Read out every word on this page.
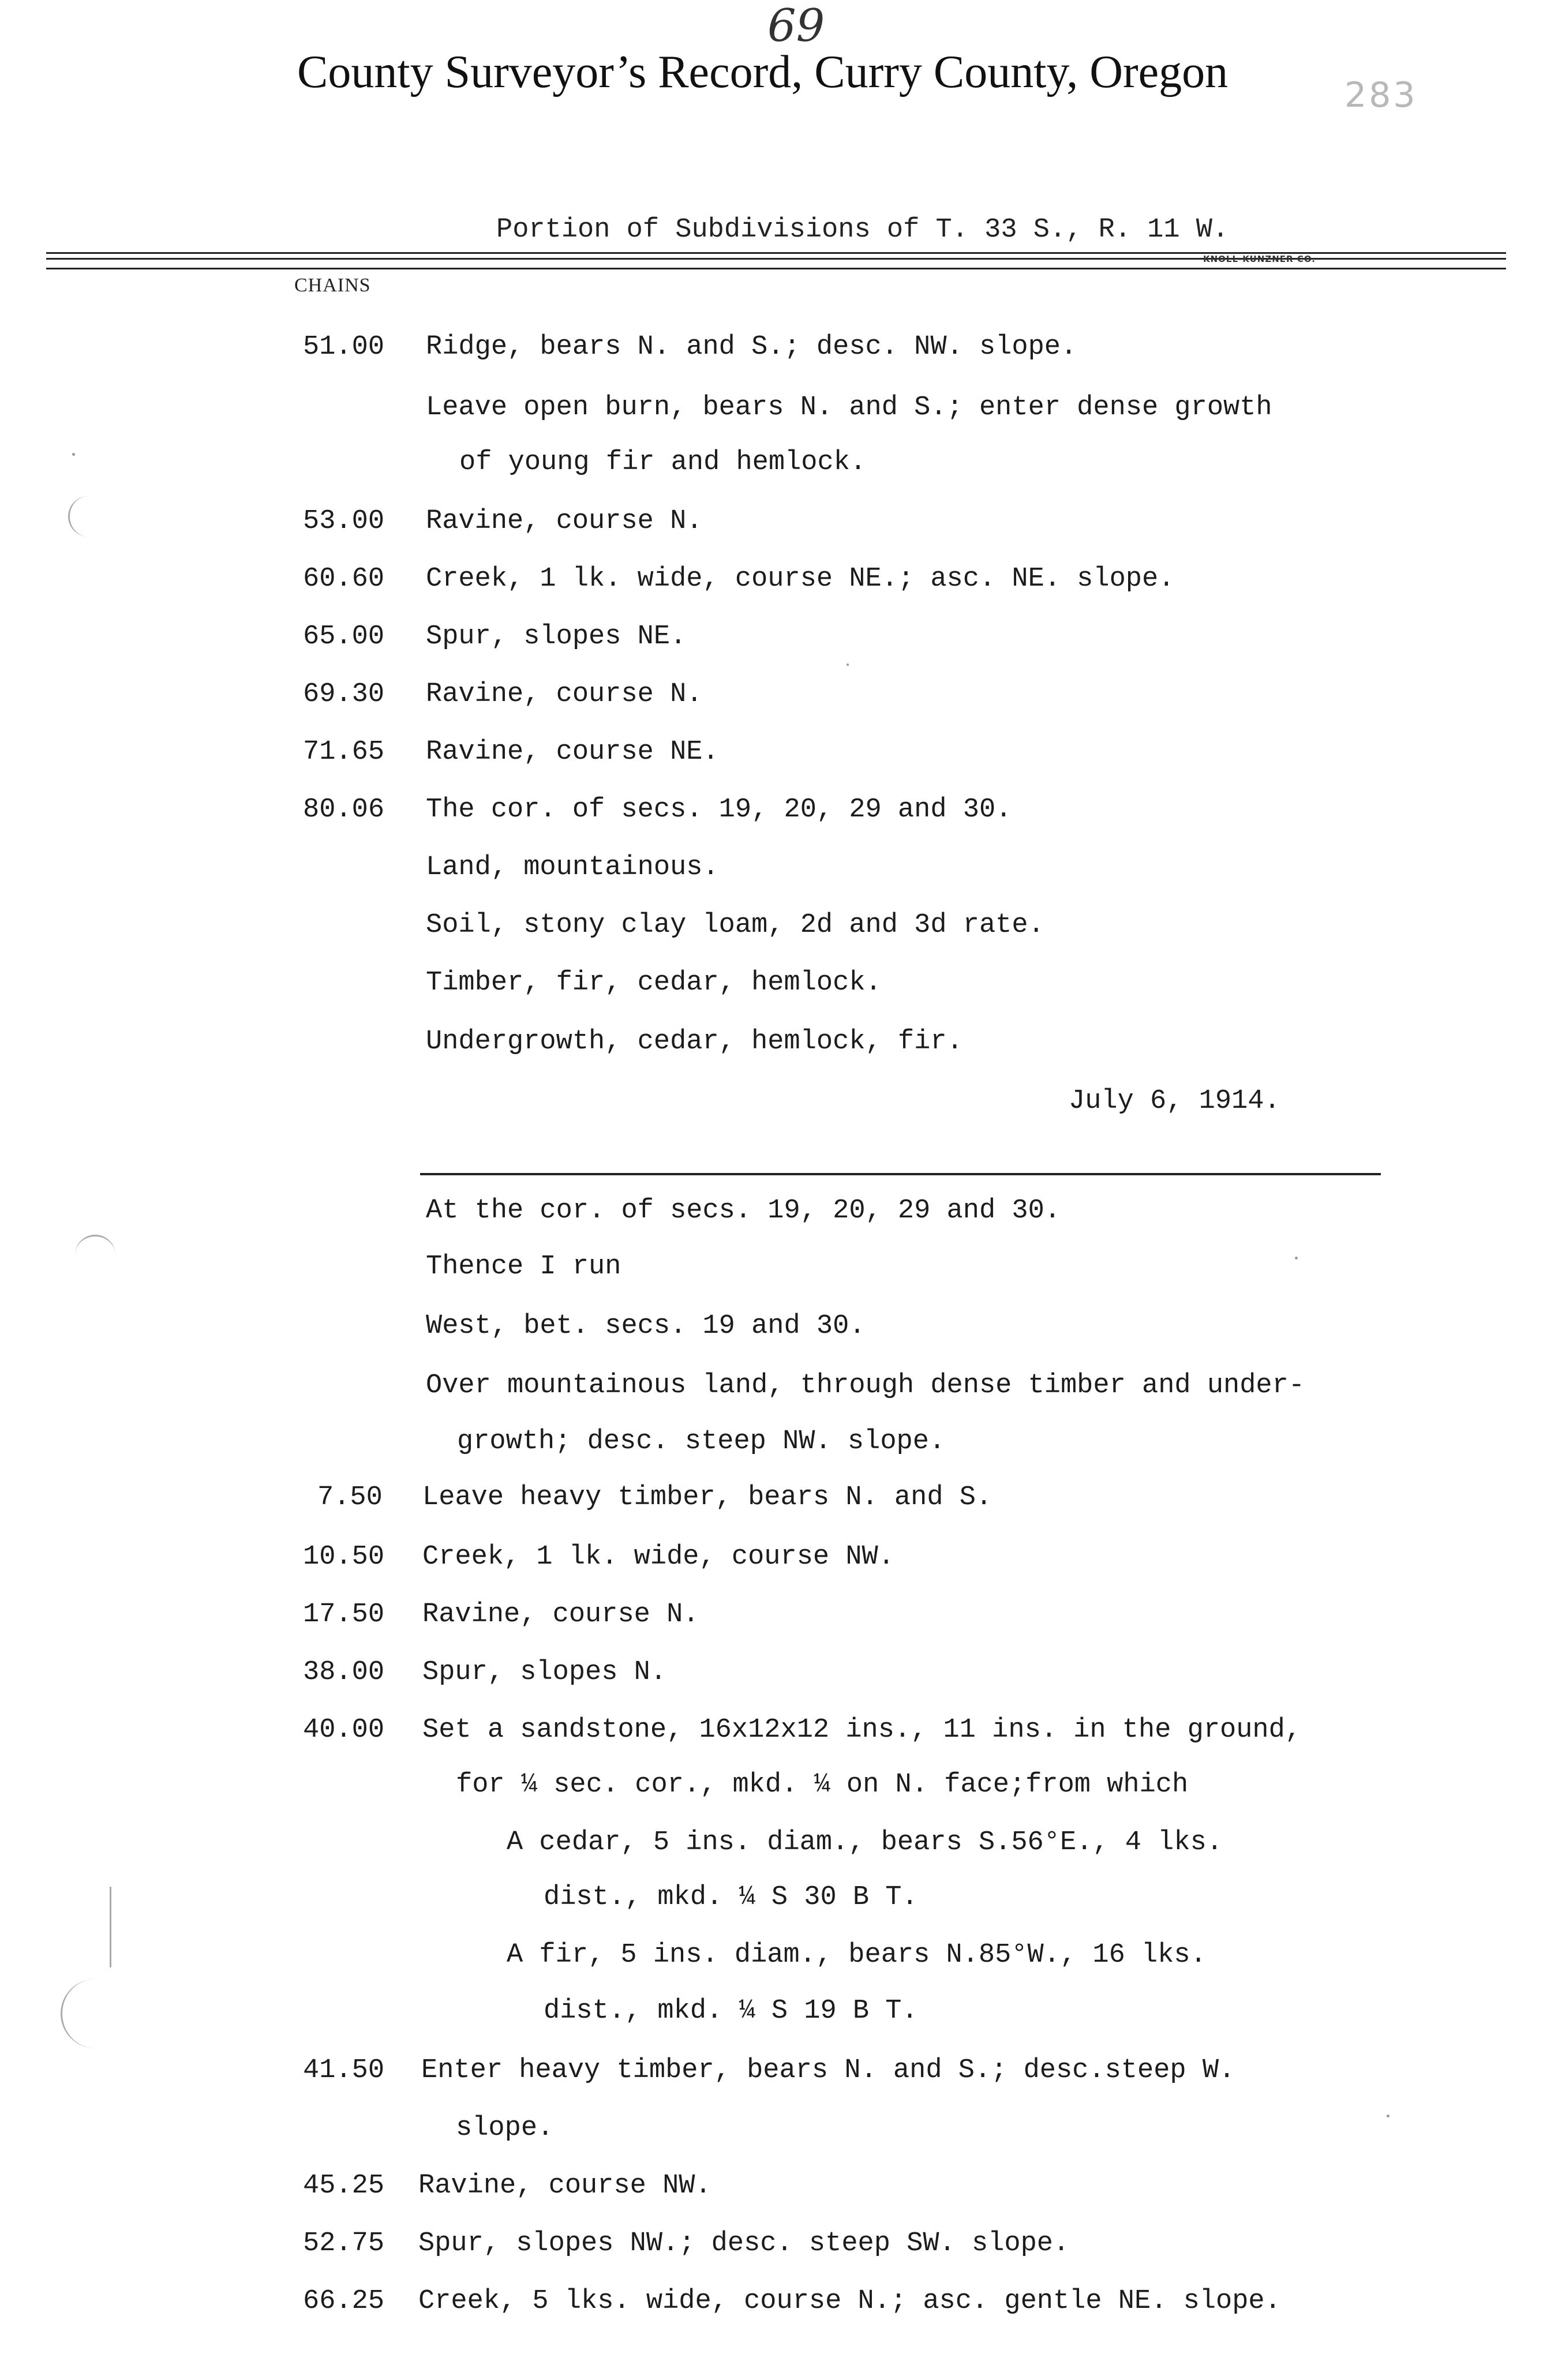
69
283
County Surveyor’s Record, Curry County, Oregon
Portion of Subdivisions of T. 33 S., R. 11 W.
KNOLL-KUNZNER CO.
CHAINS
51.00 Ridge, bears N. and S.; desc. NW. slope.
Leave open burn, bears N. and S.; enter dense growth
of young fir and hemlock.
53.00 Ravine, course N.
60.60 Creek, 1 lk. wide, course NE.; asc. NE. slope.
65.00 Spur, slopes NE.
69.30 Ravine, course N.
71.65 Ravine, course NE.
80.06 The cor. of secs. 19, 20, 29 and 30.
Land, mountainous.
Soil, stony clay loam, 2d and 3d rate.
Timber, fir, cedar, hemlock.
Undergrowth, cedar, hemlock, fir.
July 6, 1914.
At the cor. of secs. 19, 20, 29 and 30.
Thence I run
West, bet. secs. 19 and 30.
Over mountainous land, through dense timber and under-
growth; desc. steep NW. slope.
7.50 Leave heavy timber, bears N. and S.
10.50 Creek, 1 lk. wide, course NW.
17.50 Ravine, course N.
38.00 Spur, slopes N.
40.00 Set a sandstone, 16x12x12 ins., 11 ins. in the ground,
for ¼ sec. cor., mkd. ¼ on N. face;from which
A cedar, 5 ins. diam., bears S.56°E., 4 lks.
dist., mkd. ¼ S 30 B T.
A fir, 5 ins. diam., bears N.85°W., 16 lks.
dist., mkd. ¼ S 19 B T.
41.50 Enter heavy timber, bears N. and S.; desc.steep W.
slope.
45.25 Ravine, course NW.
52.75 Spur, slopes NW.; desc. steep SW. slope.
66.25 Creek, 5 lks. wide, course N.; asc. gentle NE. slope.
